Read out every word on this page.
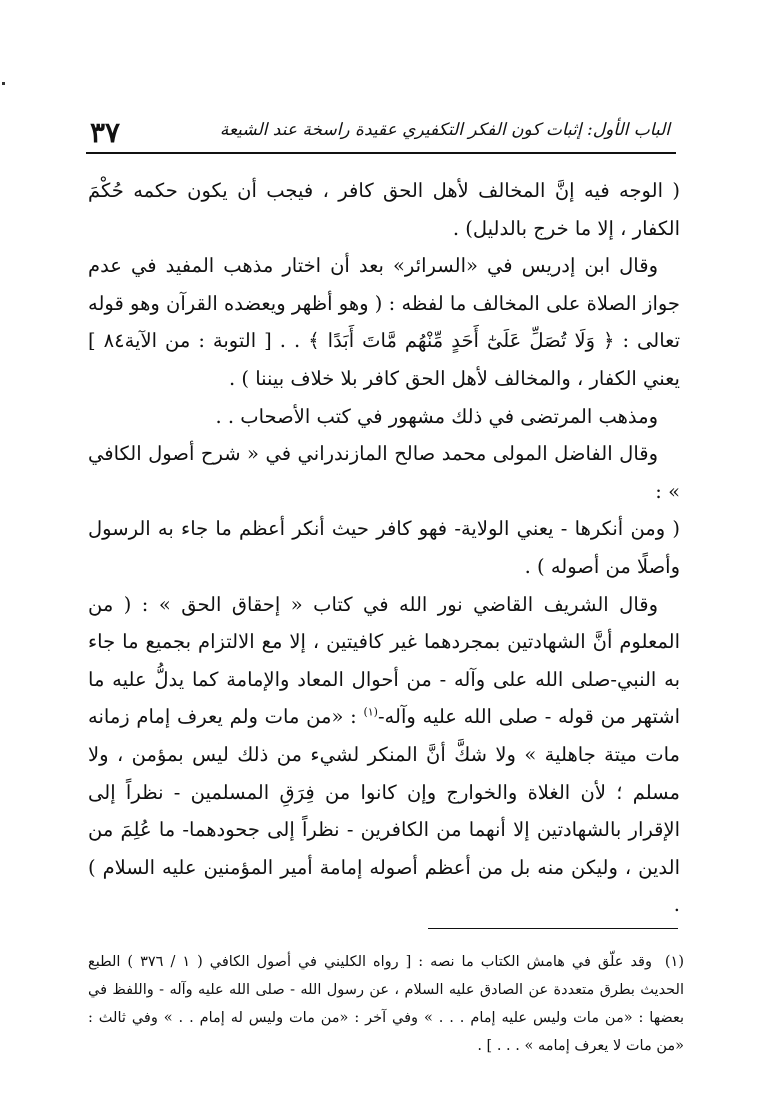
الباب الأول: إثبات كون الفكر التكفيري عقيدة راسخة عند الشيعة
٣٧

( الوجه فيه إنَّ المخالف لأهل الحق كافر ، فيجب أن يكون حكمه حُكْمَ الكفار ، إلا ما خرج بالدليل) .

وقال ابن إدريس في «السرائر» بعد أن اختار مذهب المفيد في عدم جواز الصلاة على المخالف ما لفظه : ( وهو أظهر ويعضده القرآن وهو قوله تعالى : ﴿ وَلَا تُصَلِّ عَلَىٰٓ أَحَدٍ مِّنْهُم مَّاتَ أَبَدًا ﴾ . . [ التوبة : من الآية٨٤ ] يعني الكفار ، والمخالف لأهل الحق كافر بلا خلاف بيننا ) .

ومذهب المرتضى في ذلك مشهور في كتب الأصحاب . .

وقال الفاضل المولى محمد صالح المازندراني في « شرح أصول الكافي » :

( ومن أنكرها - يعني الولاية- فهو كافر حيث أنكر أعظم ما جاء به الرسول وأصلًا من أصوله ) .

وقال الشريف القاضي نور الله في كتاب « إحقاق الحق » : ( من المعلوم أنَّ الشهادتين بمجردهما غير كافيتين ، إلا مع الالتزام بجميع ما جاء به النبي-صلى الله على وآله - من أحوال المعاد والإمامة كما يدلُّ عليه ما اشتهر من قوله - صلى الله عليه وآله-$^{(١)}$ : «من مات ولم يعرف إمام زمانه مات ميتة جاهلية » ولا شكَّ أنَّ المنكر لشيء من ذلك ليس بمؤمن ، ولا مسلم ؛ لأن الغلاة والخوارج وإن كانوا من فِرَقِ المسلمين - نظراً إلى الإقرار بالشهادتين إلا أنهما من الكافرين - نظراً إلى جحودهما- ما عُلِمَ من الدين ، وليكن منه بل من أعظم أصوله إمامة أمير المؤمنين عليه السلام ) .

(١)وقد علّق في هامش الكتاب ما نصه : [ رواه الكليني في أصول الكافي ( ١ / ٣٧٦ ) الطبع الحديث بطرق متعددة عن الصادق عليه السلام ، عن رسول الله - صلى الله عليه وآله - واللفظ في بعضها : «من مات وليس عليه إمام . . . » وفي آخر : «من مات وليس له إمام . . » وفي ثالث : «من مات لا يعرف إمامه » . . . ] .
